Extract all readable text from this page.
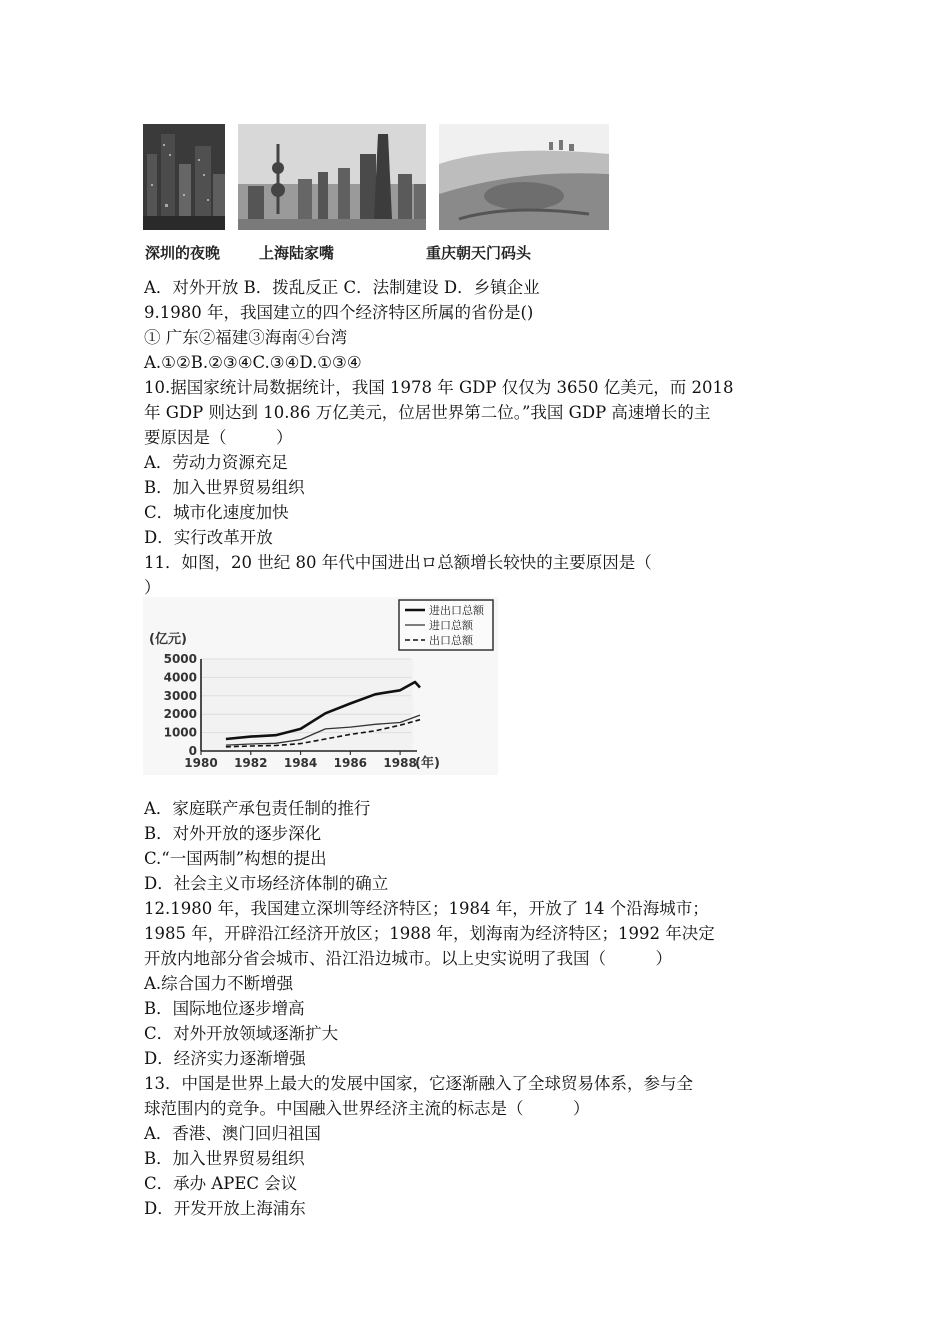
深圳的夜晚	上海陆家嘴	重庆朝天门码头
A．对外开放 B．拨乱反正 C．法制建设 D．乡镇企业
9.1980 年，我国建立的四个经济特区所属的省份是()
① 广东②福建③海南④台湾
A.①②B.②③④C.③④D.①③④
10.据国家统计局数据统计，我国 1978 年 GDP 仅仅为 3650 亿美元，而 2018
年 GDP 则达到 10.86 万亿美元，位居世界第二位。”我国 GDP 高速增长的主
要原因是（　　　）
A．劳动力资源充足
B．加入世界贸易组织
C．城市化速度加快
D．实行改革开放
11．如图，20 世纪 80 年代中国进出ロ总额增长较快的主要原因是（
）
5000
4000
3000
2000
1000
0
1980 1982 1984 1986 1988
(亿元)
(年)
进出口总额
进口总额
出口总额
A．家庭联产承包责任制的推行
B．对外开放的逐步深化
C.“一国两制”构想的提出
D．社会主义市场经济体制的确立
12.1980 年，我国建立深圳等经济特区；1984 年，开放了 14 个沿海城市；
1985 年，开辟沿江经济开放区；1988 年，划海南为经济特区；1992 年决定
开放内地部分省会城市、沿江沿边城市。以上史实说明了我国（　　　）
A.综合国力不断增强
B．国际地位逐步增高
C．对外开放领域逐渐扩大
D．经济实力逐渐增强
13．中国是世界上最大的发展中国家，它逐渐融入了全球贸易体系，参与全
球范围内的竞争。中国融入世界经济主流的标志是（　　　）
A．香港、澳门回归祖国
B．加入世界贸易组织
C．承办 APEC 会议
D．开发开放上海浦东
